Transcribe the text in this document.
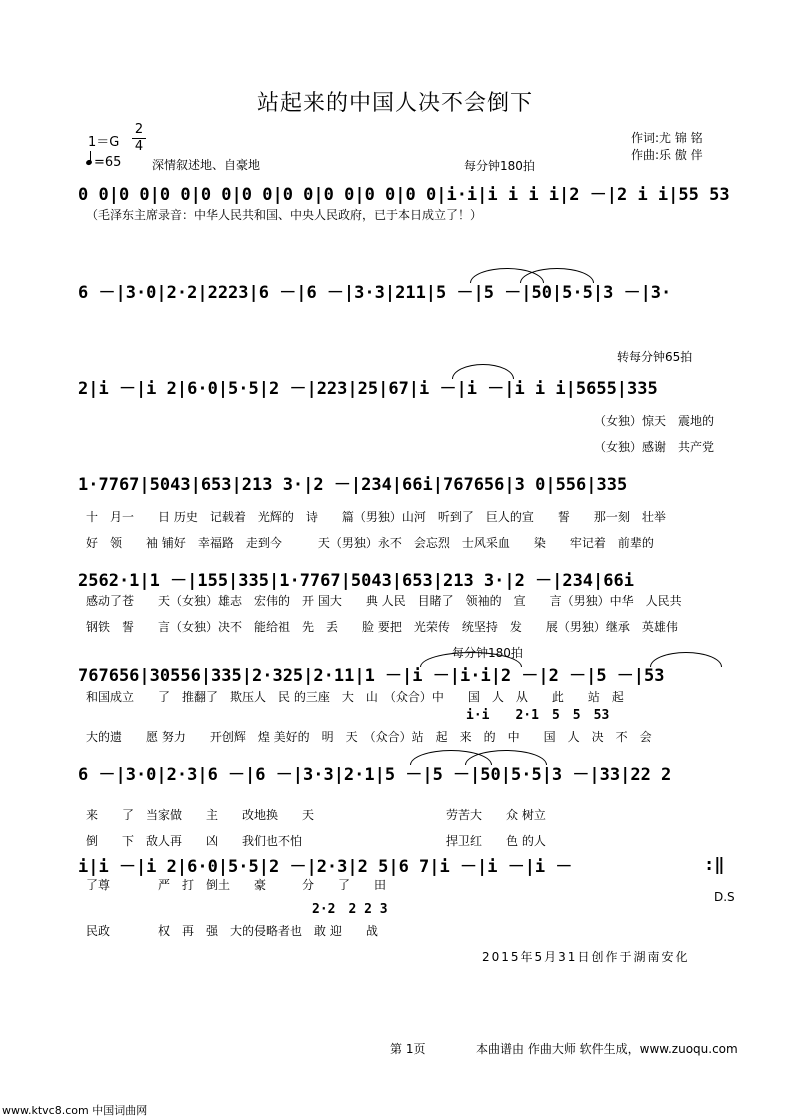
站起来的中国人决不会倒下
1＝G
2
4
=65	深情叙述地、自豪地
作词:尤 锦 铭
作曲:乐 傲 伴
每分钟180拍
0 0|0 0|0 0|0 0|0 0|0 0|0 0|0 0|0 0|i·i|i i i i|2 －|2 i i|55 53
（毛泽东主席录音：中华人民共和国、中央人民政府，已于本日成立了！）
6 －|3·0|2·2|2223|6 －|6 －|3·3|211|5 －|5 －|50|5·5|3 －|3·
转每分钟65拍
2|i －|i 2|6·0|5·5|2 －|223|25|67|i －|i －|i i i|5655|335
（女独）惊天　震地的
（女独）感谢　共产党
1·7767|5043|653|213 3·|2 －|234|66i|767656|3 0|556|335
十　月一　　日 历史　记载着　光辉的　诗　　篇（男独）山河　听到了　巨人的宣　　誓　　那一刻　壮举
好　领　　袖 铺好　幸福路　走到今　　　天（男独）永不　会忘烈　士风采血　　染　　牢记着　前辈的
2562·1|1 －|155|335|1·7767|5043|653|213 3·|2 －|234|66i
感动了苍　　天（女独）雄志　宏伟的　开 国大　　典 人民　目睹了　领袖的　宣　　言（男独）中华　人民共
钢铁　誓　　言（女独）决不　能给祖　先　丢　　脸 要把　光荣传　统坚持　发　　展（男独）继承　英雄伟
每分钟180拍
767656|30556|335|2·325|2·11|1 －|i －|i·i|2 －|2 －|5 －|53
和国成立　　了　推翻了　欺压人　民 的三座　大　山　（众合）中　　国　人　从　　此　　站　起
i·i　　2·1　5　5　53
大的遗　　愿 努力　　开创辉　煌 美好的　明　天　（众合）站　起　来　的　中　　国　人　决　不　会
6 －|3·0|2·3|6 －|6 －|3·3|2·1|5 －|5 －|50|5·5|3 －|33|22 2
来　　了　当家做　　主　　改地换　　天　　　　　　　　　　　劳苦大　　众 树立
倒　　下　敌人再　　凶　　我们也不怕　　　　　　　　　　　　捍卫红　　色 的人
i|i －|i 2|6·0|5·5|2 －|2·3|2 5|6 7|i －|i －|i －	:‖
了尊　　　　严　打　倒土　　豪　　　分　　了　　田
2·2　2 2 3
民政　　　　权　再　强　大的侵略者也　敢 迎　　战
D.S
2015年5月31日创作于湖南安化
第 1页	本曲谱由 作曲大师 软件生成，www.zuoqu.com
www.ktvc8.com 中国词曲网
